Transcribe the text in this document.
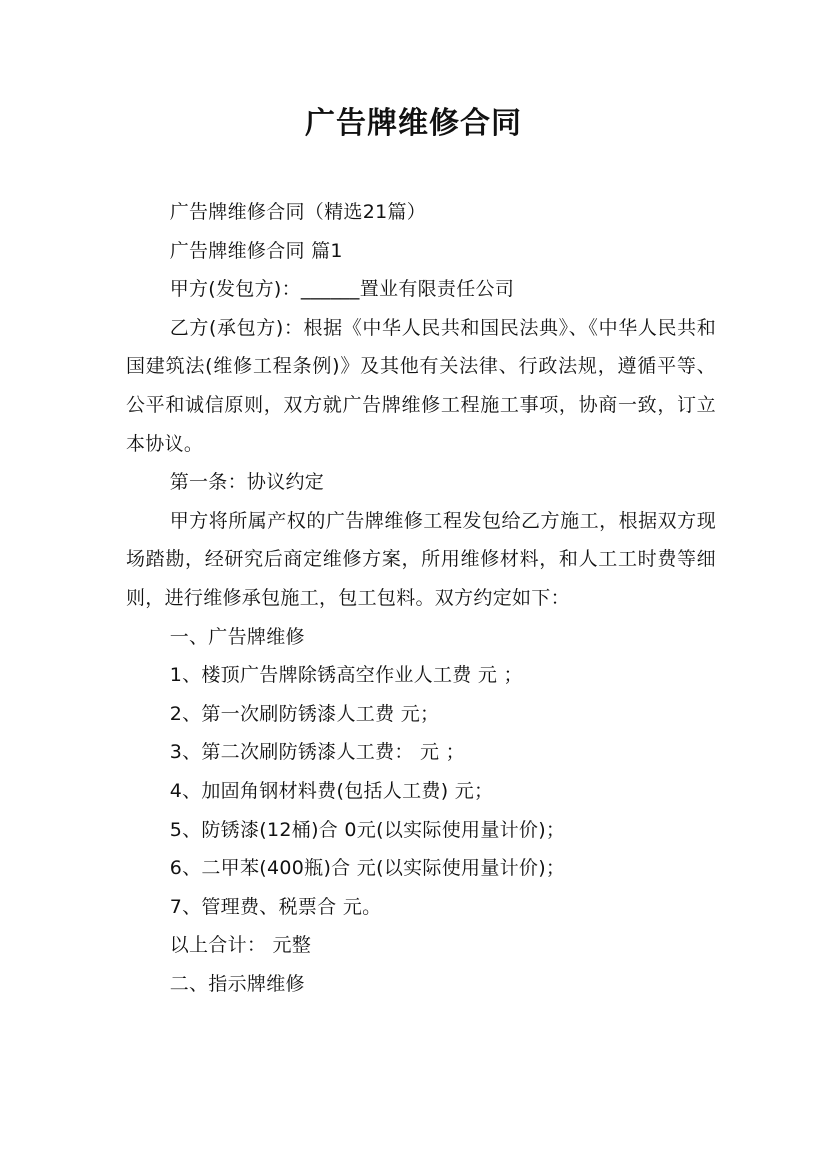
广告牌维修合同

广告牌维修合同（精选21篇）

广告牌维修合同 篇1

甲方(发包方)：______置业有限责任公司

乙方(承包方)：根据《中华人民共和国民法典》、《中华人民共和国建筑法(维修工程条例)》及其他有关法律、行政法规，遵循平等、公平和诚信原则，双方就广告牌维修工程施工事项，协商一致，订立本协议。

第一条：协议约定

甲方将所属产权的广告牌维修工程发包给乙方施工，根据双方现场踏勘，经研究后商定维修方案，所用维修材料，和人工工时费等细则，进行维修承包施工，包工包料。双方约定如下：

一、广告牌维修

1、楼顶广告牌除锈高空作业人工费 元 ；

2、第一次刷防锈漆人工费 元；

3、第二次刷防锈漆人工费： 元 ；

4、加固角钢材料费(包括人工费) 元；

5、防锈漆(12桶)合 0元(以实际使用量计价)；

6、二甲苯(400瓶)合 元(以实际使用量计价)；

7、管理费、税票合 元。

以上合计： 元整

二、指示牌维修
